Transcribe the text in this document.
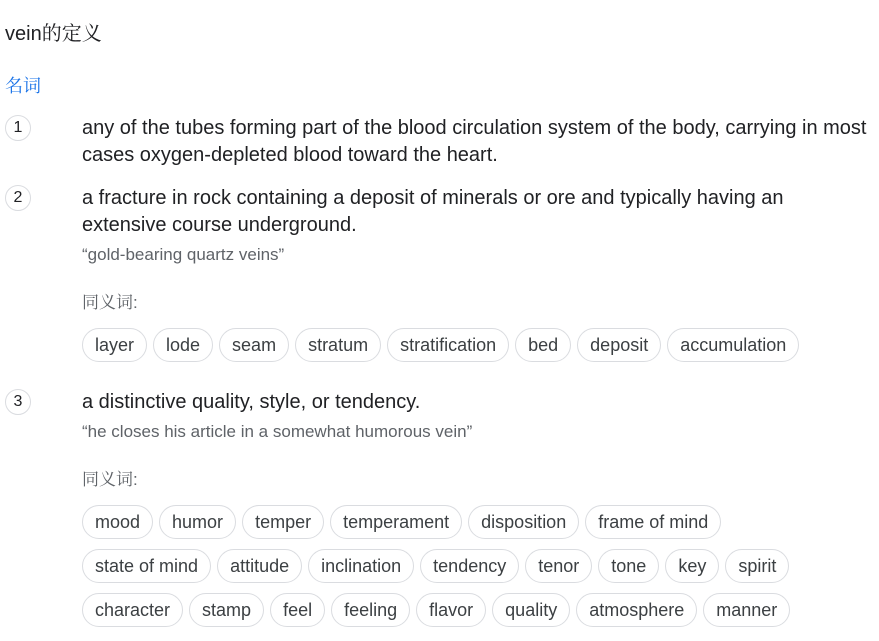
vein的定义
名词
1	any of the tubes forming part of the blood circulation system of the body, carrying in most cases oxygen-depleted blood toward the heart.

2	a fracture in rock containing a deposit of minerals or ore and typically having an extensive course underground.

“gold-bearing quartz veins”

同义词:

layer	lode	seam	stratum	stratification	bed	deposit	accumulation
3	a distinctive quality, style, or tendency.

“he closes his article in a somewhat humorous vein”

同义词:

mood	humor	temper	temperament	disposition	frame of mind
state of mind	attitude	inclination	tendency	tenor	tone	key	spirit
character	stamp	feel	feeling	flavor	quality	atmosphere	manner
